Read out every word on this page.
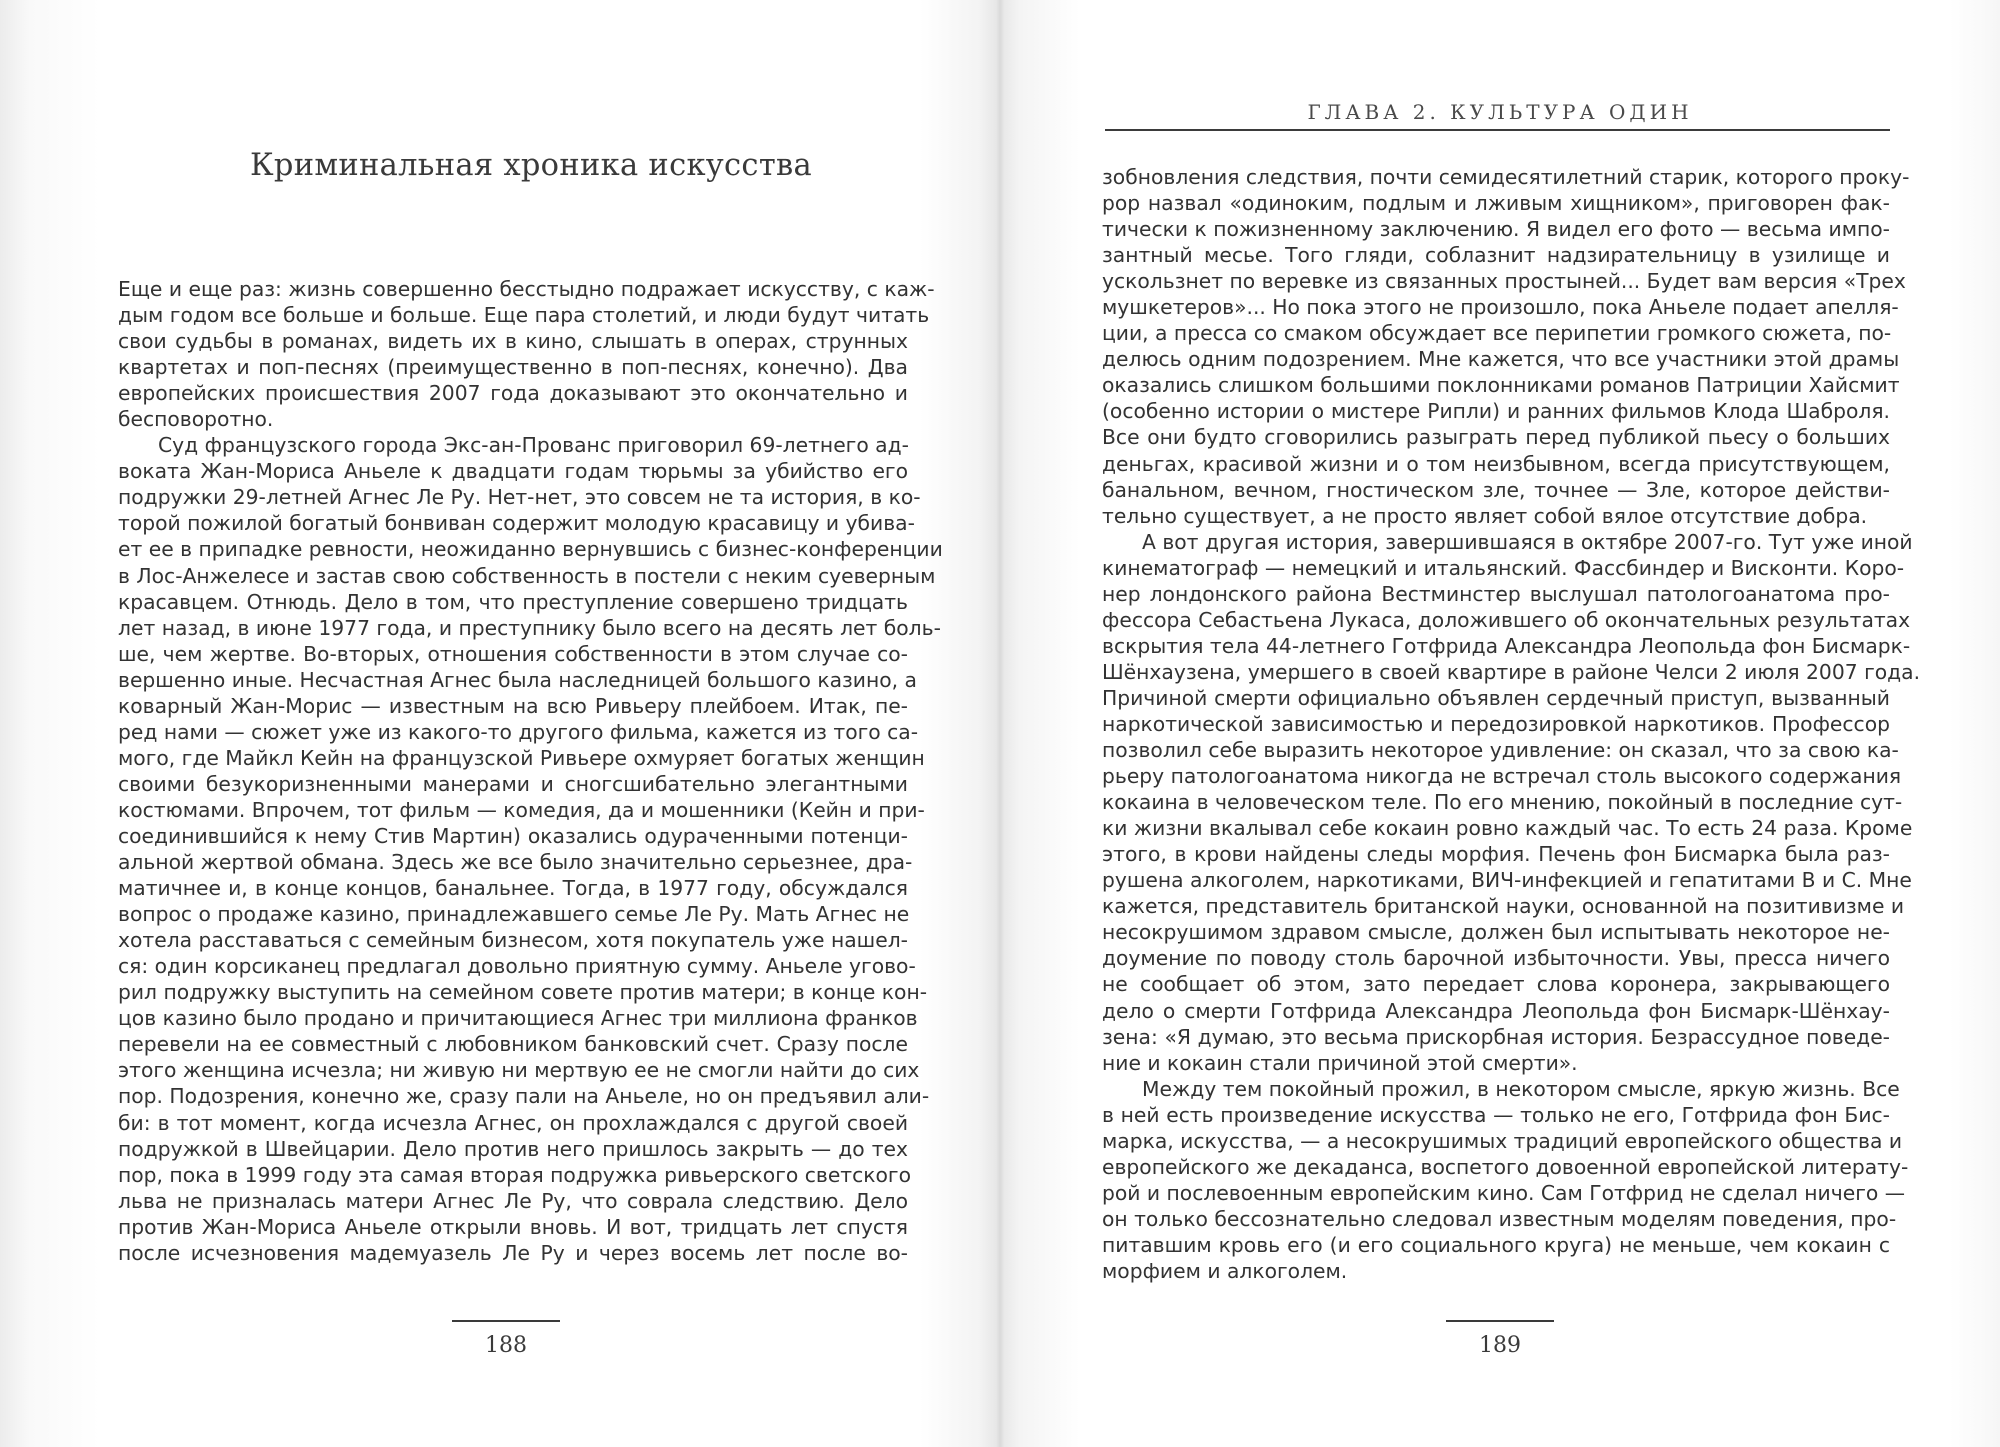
Криминальная хроника искусства
Еще и еще раз: жизнь совершенно бесстыдно подражает искусству, с каж-
дым годом все больше и больше. Еще пара столетий, и люди будут читать
свои судьбы в романах, видеть их в кино, слышать в операх, струнных
квартетах и поп-песнях (преимущественно в поп-песнях, конечно). Два
европейских происшествия 2007 года доказывают это окончательно и
бесповоротно.
Суд французского города Экс-ан-Прованс приговорил 69-летнего ад-
воката Жан-Мориса Аньеле к двадцати годам тюрьмы за убийство его
подружки 29-летней Агнес Ле Ру. Нет-нет, это совсем не та история, в ко-
торой пожилой богатый бонвиван содержит молодую красавицу и убива-
ет ее в припадке ревности, неожиданно вернувшись с бизнес-конференции
в Лос-Анжелесе и застав свою собственность в постели с неким суеверным
красавцем. Отнюдь. Дело в том, что преступление совершено тридцать
лет назад, в июне 1977 года, и преступнику было всего на десять лет боль-
ше, чем жертве. Во-вторых, отношения собственности в этом случае со-
вершенно иные. Несчастная Агнес была наследницей большого казино, а
коварный Жан-Морис — известным на всю Ривьеру плейбоем. Итак, пе-
ред нами — сюжет уже из какого-то другого фильма, кажется из того са-
мого, где Майкл Кейн на французской Ривьере охмуряет богатых женщин
своими безукоризненными манерами и сногсшибательно элегантными
костюмами. Впрочем, тот фильм — комедия, да и мошенники (Кейн и при-
соединившийся к нему Стив Мартин) оказались одураченными потенци-
альной жертвой обмана. Здесь же все было значительно серьезнее, дра-
матичнее и, в конце концов, банальнее. Тогда, в 1977 году, обсуждался
вопрос о продаже казино, принадлежавшего семье Ле Ру. Мать Агнес не
хотела расставаться с семейным бизнесом, хотя покупатель уже нашел-
ся: один корсиканец предлагал довольно приятную сумму. Аньеле угово-
рил подружку выступить на семейном совете против матери; в конце кон-
цов казино было продано и причитающиеся Агнес три миллиона франков
перевели на ее совместный с любовником банковский счет. Сразу после
этого женщина исчезла; ни живую ни мертвую ее не смогли найти до сих
пор. Подозрения, конечно же, сразу пали на Аньеле, но он предъявил али-
би: в тот момент, когда исчезла Агнес, он прохлаждался с другой своей
подружкой в Швейцарии. Дело против него пришлось закрыть — до тех
пор, пока в 1999 году эта самая вторая подружка ривьерского светского
льва не призналась матери Агнес Ле Ру, что соврала следствию. Дело
против Жан-Мориса Аньеле открыли вновь. И вот, тридцать лет спустя
после исчезновения мадемуазель Ле Ру и через восемь лет после во-
188
ГЛАВА 2. КУЛЬТУРА ОДИН
зобновления следствия, почти семидесятилетний старик, которого проку-
рор назвал «одиноким, подлым и лживым хищником», приговорен фак-
тически к пожизненному заключению. Я видел его фото — весьма импо-
зантный месье. Того гляди, соблазнит надзирательницу в узилище и
ускользнет по веревке из связанных простыней... Будет вам версия «Трех
мушкетеров»... Но пока этого не произошло, пока Аньеле подает апелля-
ции, а пресса со смаком обсуждает все перипетии громкого сюжета, по-
делюсь одним подозрением. Мне кажется, что все участники этой драмы
оказались слишком большими поклонниками романов Патриции Хайсмит
(особенно истории о мистере Рипли) и ранних фильмов Клода Шаброля.
Все они будто сговорились разыграть перед публикой пьесу о больших
деньгах, красивой жизни и о том неизбывном, всегда присутствующем,
банальном, вечном, гностическом зле, точнее — Зле, которое действи-
тельно существует, а не просто являет собой вялое отсутствие добра.
А вот другая история, завершившаяся в октябре 2007-го. Тут уже иной
кинематограф — немецкий и итальянский. Фассбиндер и Висконти. Коро-
нер лондонского района Вестминстер выслушал патологоанатома про-
фессора Себастьена Лукаса, доложившего об окончательных результатах
вскрытия тела 44-летнего Готфрида Александра Леопольда фон Бисмарк-
Шёнхаузена, умершего в своей квартире в районе Челси 2 июля 2007 года.
Причиной смерти официально объявлен сердечный приступ, вызванный
наркотической зависимостью и передозировкой наркотиков. Профессор
позволил себе выразить некоторое удивление: он сказал, что за свою ка-
рьеру патологоанатома никогда не встречал столь высокого содержания
кокаина в человеческом теле. По его мнению, покойный в последние сут-
ки жизни вкалывал себе кокаин ровно каждый час. То есть 24 раза. Кроме
этого, в крови найдены следы морфия. Печень фон Бисмарка была раз-
рушена алкоголем, наркотиками, ВИЧ-инфекцией и гепатитами В и С. Мне
кажется, представитель британской науки, основанной на позитивизме и
несокрушимом здравом смысле, должен был испытывать некоторое не-
доумение по поводу столь барочной избыточности. Увы, пресса ничего
не сообщает об этом, зато передает слова коронера, закрывающего
дело о смерти Готфрида Александра Леопольда фон Бисмарк-Шёнхау-
зена: «Я думаю, это весьма прискорбная история. Безрассудное поведе-
ние и кокаин стали причиной этой смерти».
Между тем покойный прожил, в некотором смысле, яркую жизнь. Все
в ней есть произведение искусства — только не его, Готфрида фон Бис-
марка, искусства, — а несокрушимых традиций европейского общества и
европейского же декаданса, воспетого довоенной европейской литерату-
рой и послевоенным европейским кино. Сам Готфрид не сделал ничего —
он только бессознательно следовал известным моделям поведения, про-
питавшим кровь его (и его социального круга) не меньше, чем кокаин с
морфием и алкоголем.
189
